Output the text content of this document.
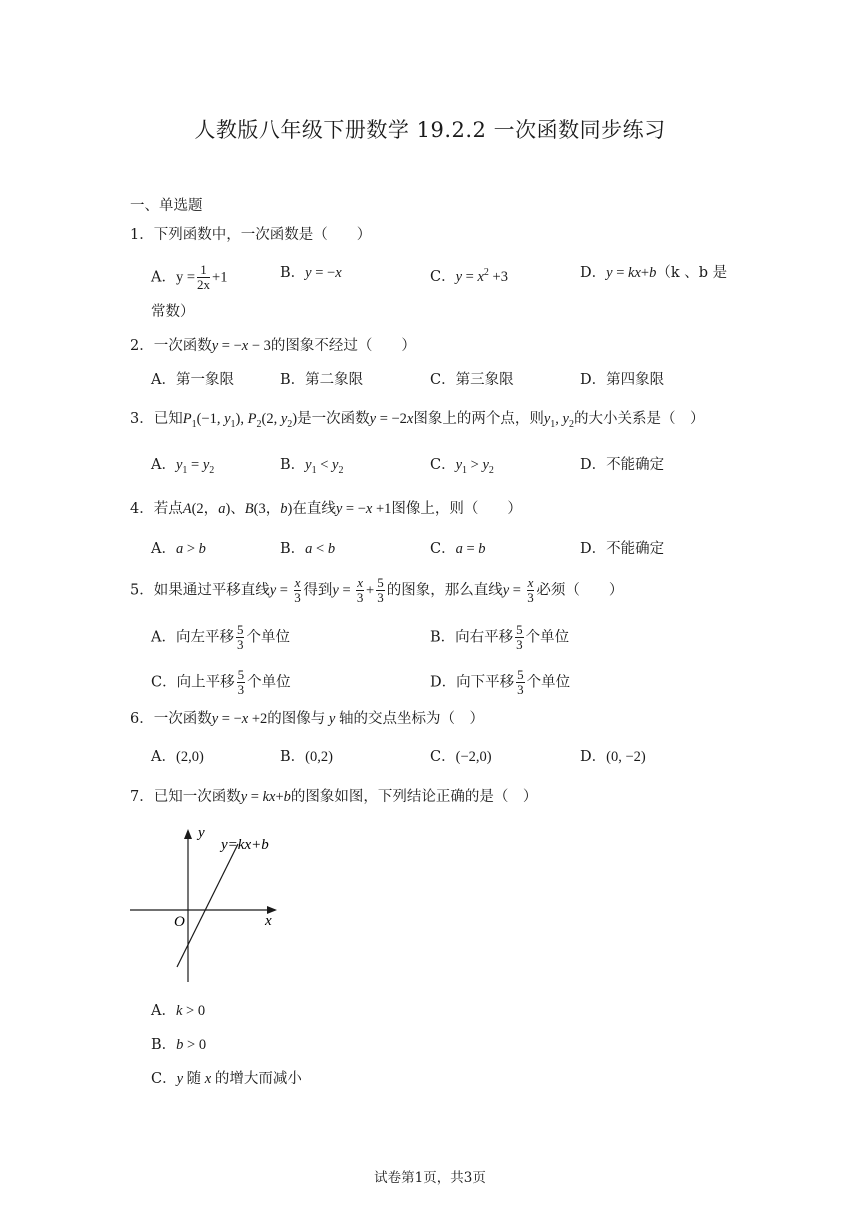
人教版八年级下册数学 19.2.2 一次函数同步练习
一、单选题
1．下列函数中，一次函数是（　　）
A．$y = \frac{1}{2x} +1$	B．y = −x	C．$y = x^2 +3$	D．y = kx+b（k 、b 是
常数）
2．一次函数y = −x − 3的图象不经过（　　）
A．第一象限	B．第二象限	C．第三象限	D．第四象限
3．已知$P_1(-1$, $y_1$), $P_2(2$, $y_2$)是一次函数y = −2x图象上的两个点，则$y_1$, $y_2$的大小关系是（　）
A．$y_1 = y_2$	B．$y_1 < y_2$	C．$y_1 > y_2$	D．不能确定
4．若点A(2，a)、B(3，b)在直线y = −x +1图像上，则（　　）
A．a > b	B．a < b	C．a = b	D．不能确定
5．如果通过平移直线$y = \frac{x}{3}$ 得到$y = \frac{x}{3} + \frac{5}{3}$ 的图象，那么直线$y = \frac{x}{3}$ 必须（　　）
A．向左平移 $\frac{5}{3}$ 个单位	B．向右平移 $\frac{5}{3}$ 个单位
C．向上平移 $\frac{5}{3}$ 个单位	D．向下平移 $\frac{5}{3}$ 个单位
6．一次函数y = −x +2的图像与 y 轴的交点坐标为（　）
A．(2,0)	B．(0,2)	C．(−2,0)	D．(0, −2)
7．已知一次函数y = kx+b的图象如图，下列结论正确的是（　）
y
x
O
y=kx+b
A．k > 0
B．b > 0
C．y 随 x 的增大而减小
试卷第1页，共3页
